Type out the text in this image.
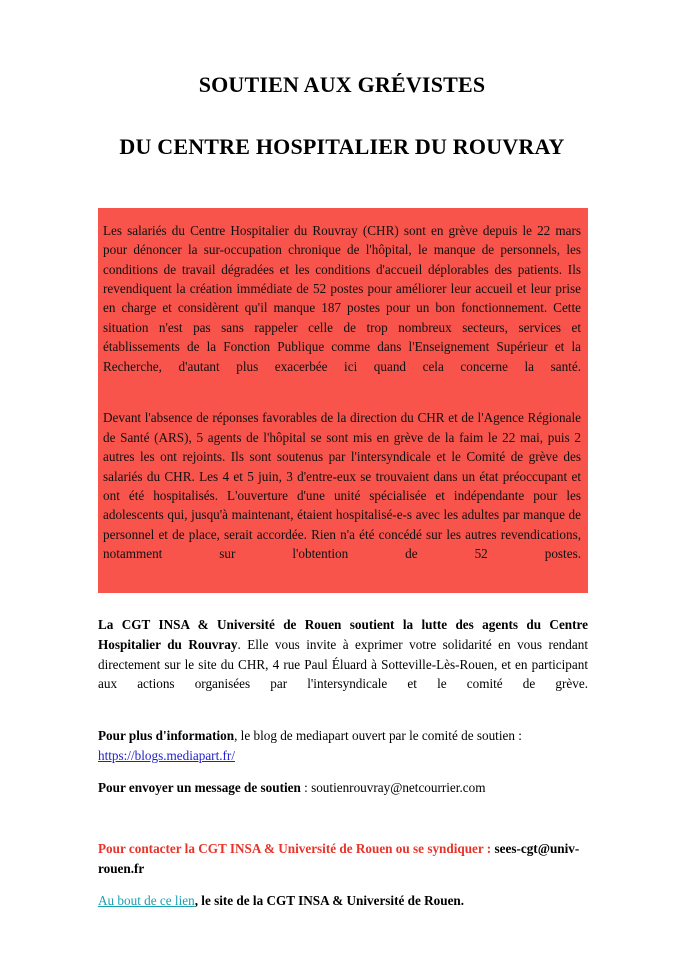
SOUTIEN AUX GRÉVISTES
DU CENTRE HOSPITALIER DU ROUVRAY

Les salariés du Centre Hospitalier du Rouvray (CHR) sont en grève depuis le 22 mars pour dénoncer la sur-occupation chronique de l'hôpital, le manque de personnels, les conditions de travail dégradées et les conditions d'accueil déplorables des patients. Ils revendiquent la création immédiate de 52 postes pour améliorer leur accueil et leur prise en charge et considèrent qu'il manque 187 postes pour un bon fonctionnement. Cette situation n'est pas sans rappeler celle de trop nombreux secteurs, services et établissements de la Fonction Publique comme dans l'Enseignement Supérieur et la Recherche, d'autant plus exacerbée ici quand cela concerne la santé.

Devant l'absence de réponses favorables de la direction du CHR et de l'Agence Régionale de Santé (ARS), 5 agents de l'hôpital se sont mis en grève de la faim le 22 mai, puis 2 autres les ont rejoints. Ils sont soutenus par l'intersyndicale et le Comité de grève des salariés du CHR. Les 4 et 5 juin, 3 d'entre-eux se trouvaient dans un état préoccupant et ont été hospitalisés. L'ouverture d'une unité spécialisée et indépendante pour les adolescents qui, jusqu'à maintenant, étaient hospitalisé-e-s avec les adultes par manque de personnel et de place, serait accordée. Rien n'a été concédé sur les autres revendications, notamment sur l'obtention de 52 postes.

La CGT INSA & Université de Rouen soutient la lutte des agents du Centre Hospitalier du Rouvray. Elle vous invite à exprimer votre solidarité en vous rendant directement sur le site du CHR, 4 rue Paul Éluard à Sotteville-Lès-Rouen, et en participant aux actions organisées par l'intersyndicale et le comité de grève.

Pour plus d'information, le blog de mediapart ouvert par le comité de soutien :
https://blogs.mediapart.fr/

Pour envoyer un message de soutien : soutienrouvray@netcourrier.com

Pour contacter la CGT INSA & Université de Rouen ou se syndiquer : sees-cgt@univ-rouen.fr

Au bout de ce lien, le site de la CGT INSA & Université de Rouen.
